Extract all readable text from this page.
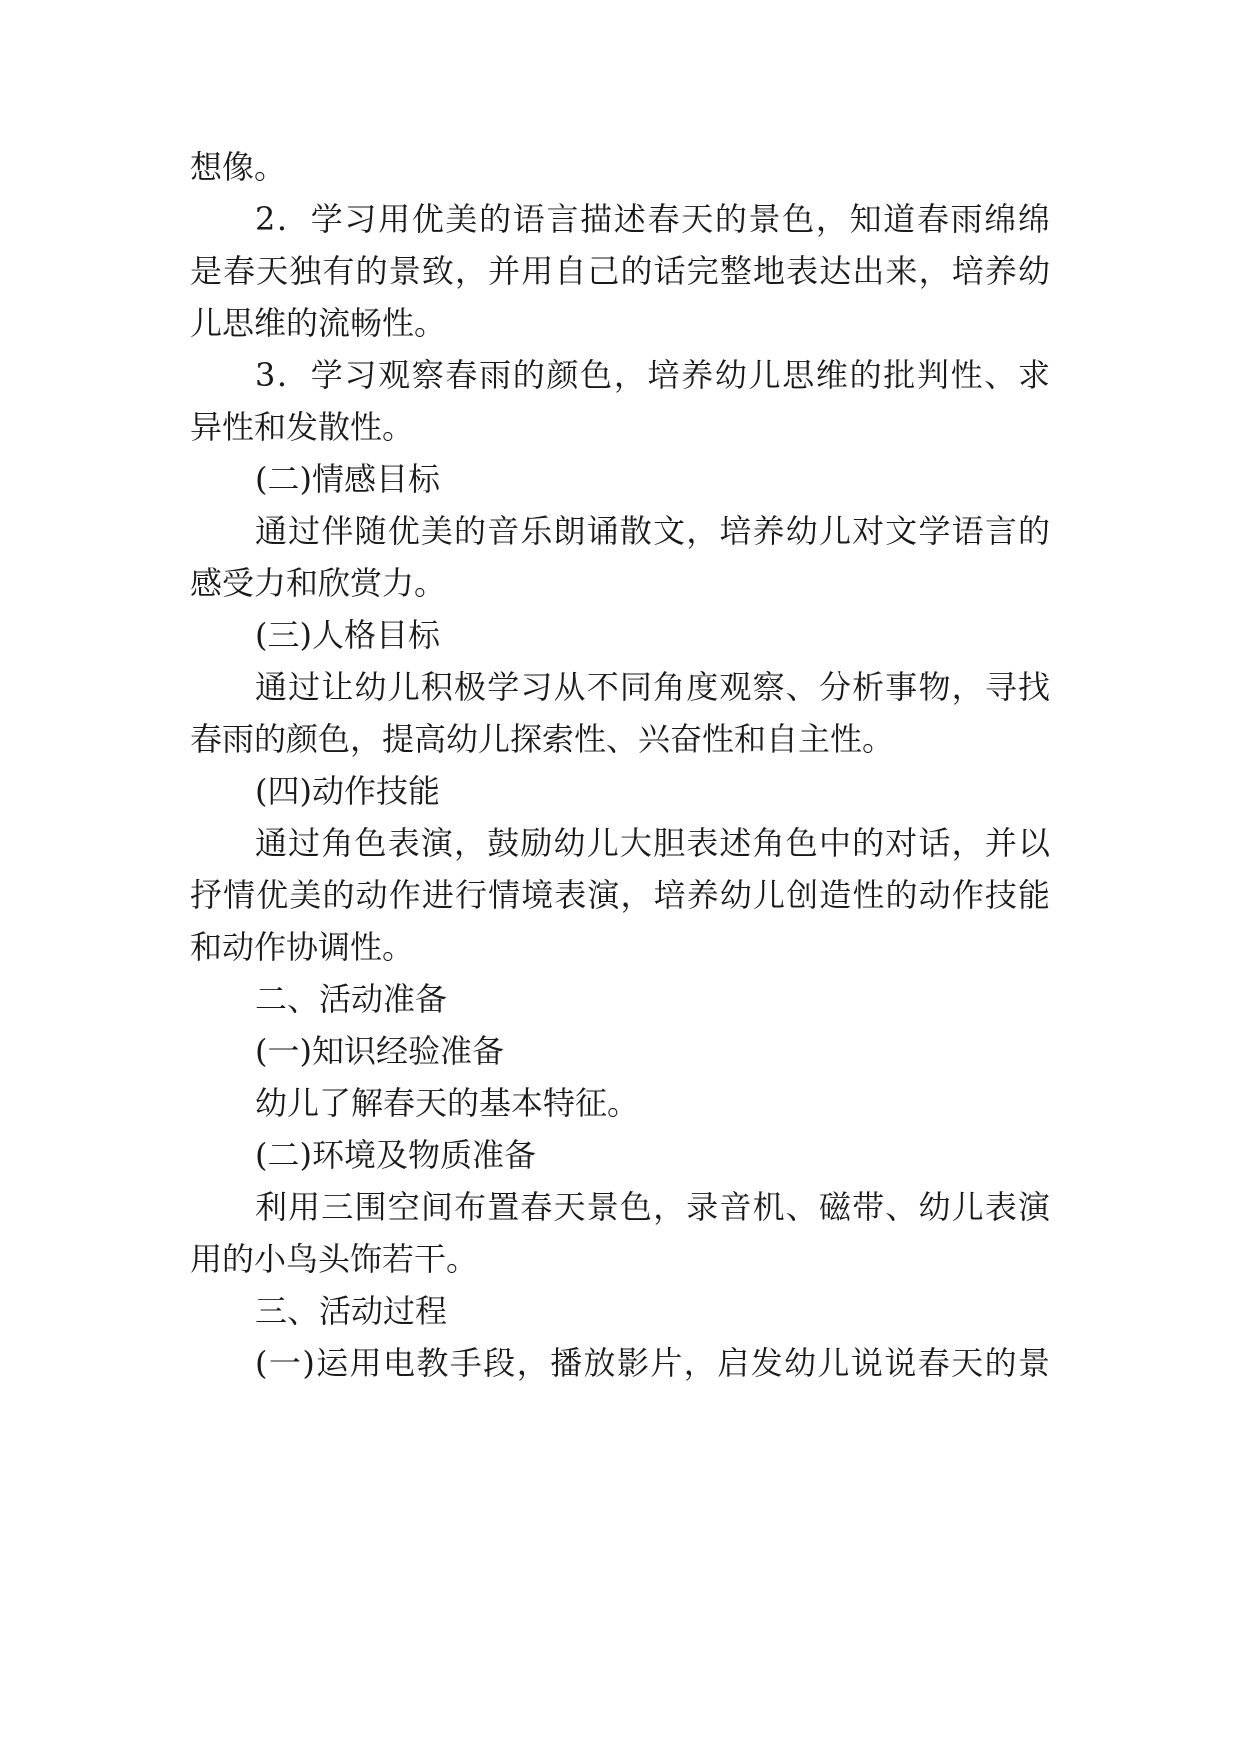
想像。
2．学习用优美的语言描述春天的景色，知道春雨绵绵
是春天独有的景致，并用自己的话完整地表达出来，培养幼
儿思维的流畅性。
3．学习观察春雨的颜色，培养幼儿思维的批判性、求
异性和发散性。
(二)情感目标
通过伴随优美的音乐朗诵散文，培养幼儿对文学语言的
感受力和欣赏力。
(三)人格目标
通过让幼儿积极学习从不同角度观察、分析事物，寻找
春雨的颜色，提高幼儿探索性、兴奋性和自主性。
(四)动作技能
通过角色表演，鼓励幼儿大胆表述角色中的对话，并以
抒情优美的动作进行情境表演，培养幼儿创造性的动作技能
和动作协调性。
二、活动准备
(一)知识经验准备
幼儿了解春天的基本特征。
(二)环境及物质准备
利用三围空间布置春天景色，录音机、磁带、幼儿表演
用的小鸟头饰若干。
三、活动过程
(一)运用电教手段，播放影片，启发幼儿说说春天的景
